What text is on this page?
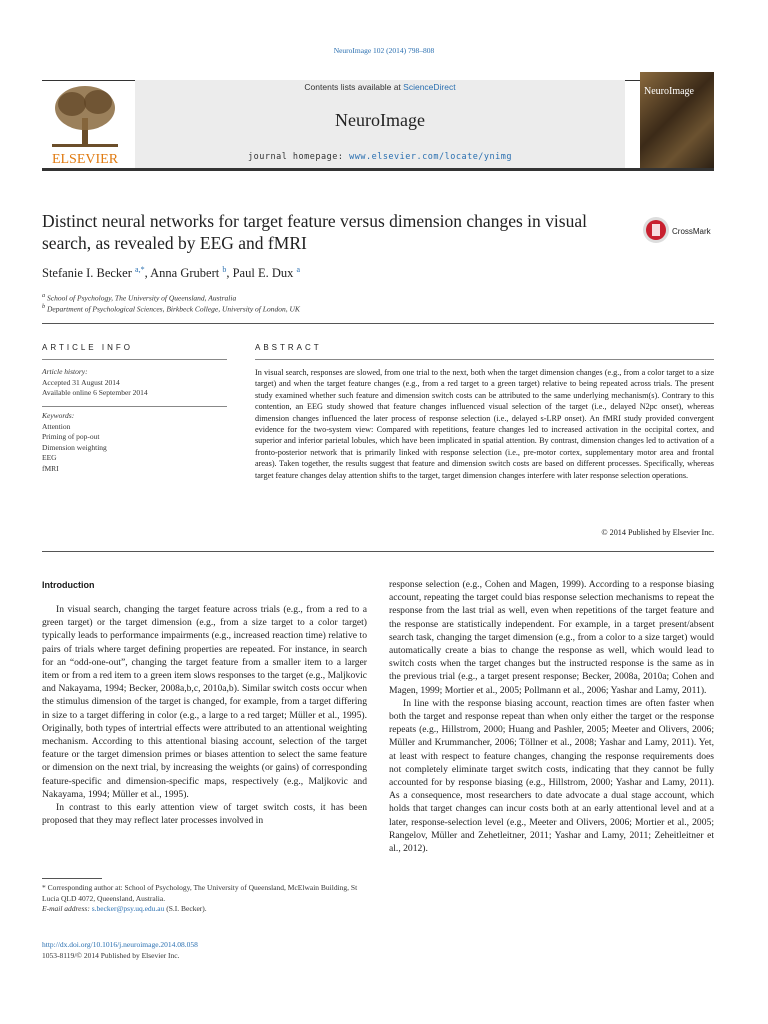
NeuroImage 102 (2014) 798–808
ELSEVIER
Contents lists available at ScienceDirect
NeuroImage
journal homepage: www.elsevier.com/locate/ynimg
NeuroImage
Distinct neural networks for target feature versus dimension changes in visual search, as revealed by EEG and fMRI
CrossMark
Stefanie I. Becker $^{a,*}$, Anna Grubert $^b$, Paul E. Dux $^a$
$^a$ School of Psychology, The University of Queensland, Australia
$^b$ Department of Psychological Sciences, Birkbeck College, University of London, UK
ARTICLE INFO
Article history:
Accepted 31 August 2014
Available online 6 September 2014
Keywords:
Attention
Priming of pop-out
Dimension weighting
EEG
fMRI
ABSTRACT
In visual search, responses are slowed, from one trial to the next, both when the target dimension changes (e.g., from a color target to a size target) and when the target feature changes (e.g., from a red target to a green target) relative to being repeated across trials. The present study examined whether such feature and dimension switch costs can be attributed to the same underlying mechanism(s). Contrary to this contention, an EEG study showed that feature changes influenced visual selection of the target (i.e., delayed N2pc onset), whereas dimension changes influenced the later process of response selection (i.e., delayed s-LRP onset). An fMRI study provided convergent evidence for the two-system view: Compared with repetitions, feature changes led to increased activation in the occipital cortex, and superior and inferior parietal lobules, which have been implicated in spatial attention. By contrast, dimension changes led to activation of a fronto-posterior network that is primarily linked with response selection (i.e., pre-motor cortex, supplementary motor area and frontal areas). Taken together, the results suggest that feature and dimension switch costs are based on different processes. Specifically, whereas target feature changes delay attention shifts to the target, target dimension changes interfere with later response selection operations.
© 2014 Published by Elsevier Inc.
Introduction

In visual search, changing the target feature across trials (e.g., from a red to a green target) or the target dimension (e.g., from a size target to a color target) typically leads to performance impairments (e.g., increased reaction time) relative to pairs of trials where target defining properties are repeated. For instance, in search for an “odd-one-out”, changing the target feature from a smaller item to a larger item or from a red item to a green item slows responses to the target (e.g., Maljkovic and Nakayama, 1994; Becker, 2008a,b,c, 2010a,b). Similar switch costs occur when the stimulus dimension of the target is changed, for example, from a target differing in size to a target differing in color (e.g., a large to a red target; Müller et al., 1995). Originally, both types of intertrial effects were attributed to an attentional weighting mechanism. According to this attentional biasing account, selection of the target feature or the target dimension primes or biases attention to select the same feature or dimension on the next trial, by increasing the weights (or gains) of corresponding feature-specific and dimension-specific maps, respectively (e.g., Maljkovic and Nakayama, 1994; Müller et al., 1995).

In contrast to this early attention view of target switch costs, it has been proposed that they may reflect later processes involved in

response selection (e.g., Cohen and Magen, 1999). According to a response biasing account, repeating the target could bias response selection mechanisms to repeat the response from the last trial as well, even when repetitions of the target feature and the response are statistically independent. For example, in a target present/absent search task, changing the target dimension (e.g., from a color to a size target) would automatically create a bias to change the response as well, which would lead to switch costs when the target changes but the instructed response is the same as in the previous trial (e.g., a target present response; Becker, 2008a, 2010a; Cohen and Magen, 1999; Mortier et al., 2005; Pollmann et al., 2006; Yashar and Lamy, 2011).

In line with the response biasing account, reaction times are often faster when both the target and response repeat than when only either the target or the response repeats (e.g., Hillstrom, 2000; Huang and Pashler, 2005; Meeter and Olivers, 2006; Müller and Krummancher, 2006; Töllner et al., 2008; Yashar and Lamy, 2011). Yet, at least with respect to feature changes, changing the response requirements does not completely eliminate target switch costs, indicating that they cannot be fully accounted for by response biasing (e.g., Hillstrom, 2000; Yashar and Lamy, 2011). As a consequence, most researchers to date advocate a dual stage account, which holds that target changes can incur costs both at an early attentional level and at a later, response-selection level (e.g., Meeter and Olivers, 2006; Mortier et al., 2005; Rangelov, Müller and Zehetleitner, 2011; Yashar and Lamy, 2011; Zeheitleitner et al., 2012).

* Corresponding author at: School of Psychology, The University of Queensland, McElwain Building, St Lucia QLD 4072, Queensland, Australia.
E-mail address: s.becker@psy.uq.edu.au (S.I. Becker).
http://dx.doi.org/10.1016/j.neuroimage.2014.08.058
1053-8119/© 2014 Published by Elsevier Inc.
